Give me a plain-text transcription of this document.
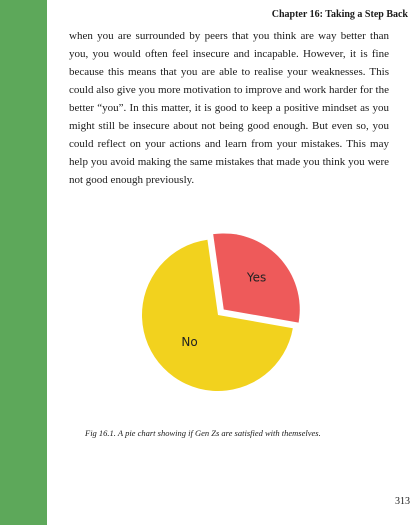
Chapter 16: Taking a Step Back
when you are surrounded by peers that you think are way better than you, you would often feel insecure and incapable. However, it is fine because this means that you are able to realise your weaknesses. This could also give you more motivation to improve and work harder for the better “you”. In this matter, it is good to keep a positive mindset as you might still be insecure about not being good enough. But even so, you could reflect on your actions and learn from your mistakes. This may help you avoid making the same mistakes that made you think you were not good enough previously.
No
Yes
Fig 16.1. A pie chart showing if Gen Zs are satisfied with themselves.
313
